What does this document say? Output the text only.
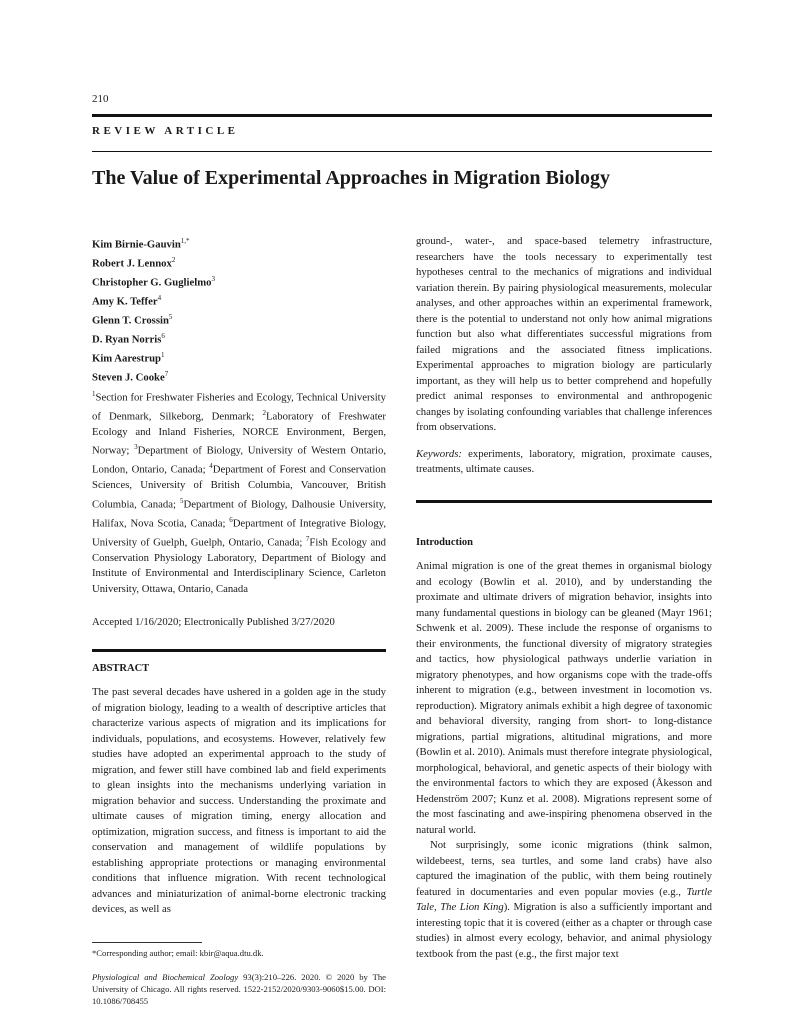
210
REVIEW ARTICLE
The Value of Experimental Approaches in Migration Biology
Kim Birnie-Gauvin$^{1,*}$
Robert J. Lennox$^2$
Christopher G. Guglielmo$^3$
Amy K. Teffer$^4$
Glenn T. Crossin$^5$
D. Ryan Norris$^6$
Kim Aarestrup$^1$
Steven J. Cooke$^7$
$^1$Section for Freshwater Fisheries and Ecology, Technical University of Denmark, Silkeborg, Denmark; $^2$Laboratory of Freshwater Ecology and Inland Fisheries, NORCE Environment, Bergen, Norway; $^3$Department of Biology, University of Western Ontario, London, Ontario, Canada; $^4$Department of Forest and Conservation Sciences, University of British Columbia, Vancouver, British Columbia, Canada; $^5$Department of Biology, Dalhousie University, Halifax, Nova Scotia, Canada; $^6$Department of Integrative Biology, University of Guelph, Guelph, Ontario, Canada; $^7$Fish Ecology and Conservation Physiology Laboratory, Department of Biology and Institute of Environmental and Interdisciplinary Science, Carleton University, Ottawa, Ontario, Canada
Accepted 1/16/2020; Electronically Published 3/27/2020
ABSTRACT
The past several decades have ushered in a golden age in the study of migration biology, leading to a wealth of descriptive articles that characterize various aspects of migration and its implications for individuals, populations, and ecosystems. However, relatively few studies have adopted an experimental approach to the study of migration, and fewer still have combined lab and field experiments to glean insights into the mechanisms underlying variation in migration behavior and success. Understanding the proximate and ultimate causes of migration timing, energy allocation and optimization, migration success, and fitness is important to aid the conservation and management of wildlife populations by establishing appropriate protections or managing environmental conditions that influence migration. With recent technological advances and miniaturization of animal-borne electronic tracking devices, as well as
*Corresponding author; email: kbir@aqua.dtu.dk.
Physiological and Biochemical Zoology 93(3):210–226. 2020. © 2020 by The University of Chicago. All rights reserved. 1522-2152/2020/9303-9060$15.00. DOI: 10.1086/708455
ground-, water-, and space-based telemetry infrastructure, researchers have the tools necessary to experimentally test hypotheses central to the mechanics of migrations and individual variation therein. By pairing physiological measurements, molecular analyses, and other approaches within an experimental framework, there is the potential to understand not only how animal migrations function but also what differentiates successful migrations from failed migrations and the associated fitness implications. Experimental approaches to migration biology are particularly important, as they will help us to better comprehend and hopefully predict animal responses to environmental and anthropogenic changes by isolating confounding variables that challenge inferences from observations.
Keywords: experiments, laboratory, migration, proximate causes, treatments, ultimate causes.
Introduction
Animal migration is one of the great themes in organismal biology and ecology (Bowlin et al. 2010), and by understanding the proximate and ultimate drivers of migration behavior, insights into many fundamental questions in biology can be gleaned (Mayr 1961; Schwenk et al. 2009). These include the response of organisms to their environments, the functional diversity of migratory strategies and tactics, how physiological pathways underlie variation in migratory phenotypes, and how organisms cope with the trade-offs inherent to migration (e.g., between investment in locomotion vs. reproduction). Migratory animals exhibit a high degree of taxonomic and behavioral diversity, ranging from short- to long-distance migrations, partial migrations, altitudinal migrations, and more (Bowlin et al. 2010). Animals must therefore integrate physiological, morphological, behavioral, and genetic aspects of their biology with the environmental factors to which they are exposed (Åkesson and Hedenström 2007; Kunz et al. 2008). Migrations represent some of the most fascinating and awe-inspiring phenomena observed in the natural world.
Not surprisingly, some iconic migrations (think salmon, wildebeest, terns, sea turtles, and some land crabs) have also captured the imagination of the public, with them being routinely featured in documentaries and even popular movies (e.g., Turtle Tale, The Lion King). Migration is also a sufficiently important and interesting topic that it is covered (either as a chapter or through case studies) in almost every ecology, behavior, and animal physiology textbook from the past (e.g., the first major text
